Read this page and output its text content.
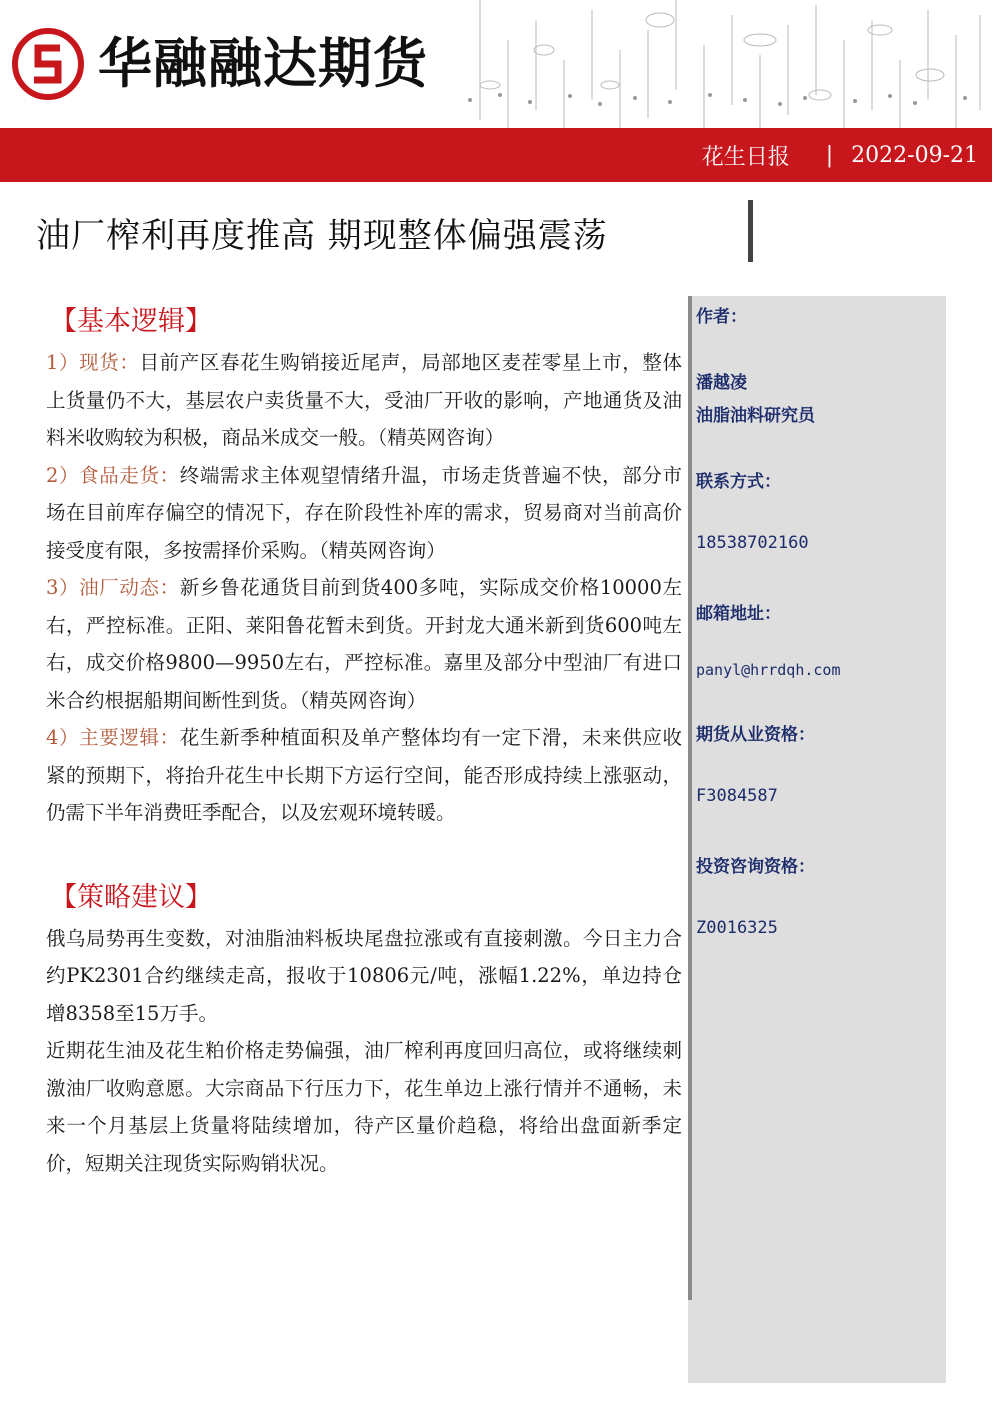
华融融达期货
花生日报 | 2022-09-21
油厂榨利再度推高 期现整体偏强震荡
【基本逻辑】

1）现货：目前产区春花生购销接近尾声，局部地区麦茬零星上市，整体上货量仍不大，基层农户卖货量不大，受油厂开收的影响，产地通货及油料米收购较为积极，商品米成交一般。（精英网咨询）

2）食品走货：终端需求主体观望情绪升温，市场走货普遍不快，部分市场在目前库存偏空的情况下，存在阶段性补库的需求，贸易商对当前高价接受度有限，多按需择价采购。（精英网咨询）

3）油厂动态：新乡鲁花通货目前到货400多吨，实际成交价格10000左右，严控标准。正阳、莱阳鲁花暂未到货。开封龙大通米新到货600吨左右，成交价格9800—9950左右，严控标准。嘉里及部分中型油厂有进口米合约根据船期间断性到货。（精英网咨询）

4）主要逻辑：花生新季种植面积及单产整体均有一定下滑，未来供应收紧的预期下，将抬升花生中长期下方运行空间，能否形成持续上涨驱动，仍需下半年消费旺季配合，以及宏观环境转暖。

【策略建议】

俄乌局势再生变数，对油脂油料板块尾盘拉涨或有直接刺激。今日主力合约PK2301合约继续走高，报收于10806元/吨，涨幅1.22%，单边持仓增8358至15万手。

近期花生油及花生粕价格走势偏强，油厂榨利再度回归高位，或将继续刺激油厂收购意愿。大宗商品下行压力下，花生单边上涨行情并不通畅，未来一个月基层上货量将陆续增加，待产区量价趋稳，将给出盘面新季定价，短期关注现货实际购销状况。

作者：
潘越凌
油脂油料研究员
联系方式：
18538702160
邮箱地址：
panyl@hrrdqh.com
期货从业资格：
F3084587
投资咨询资格：
Z0016325
